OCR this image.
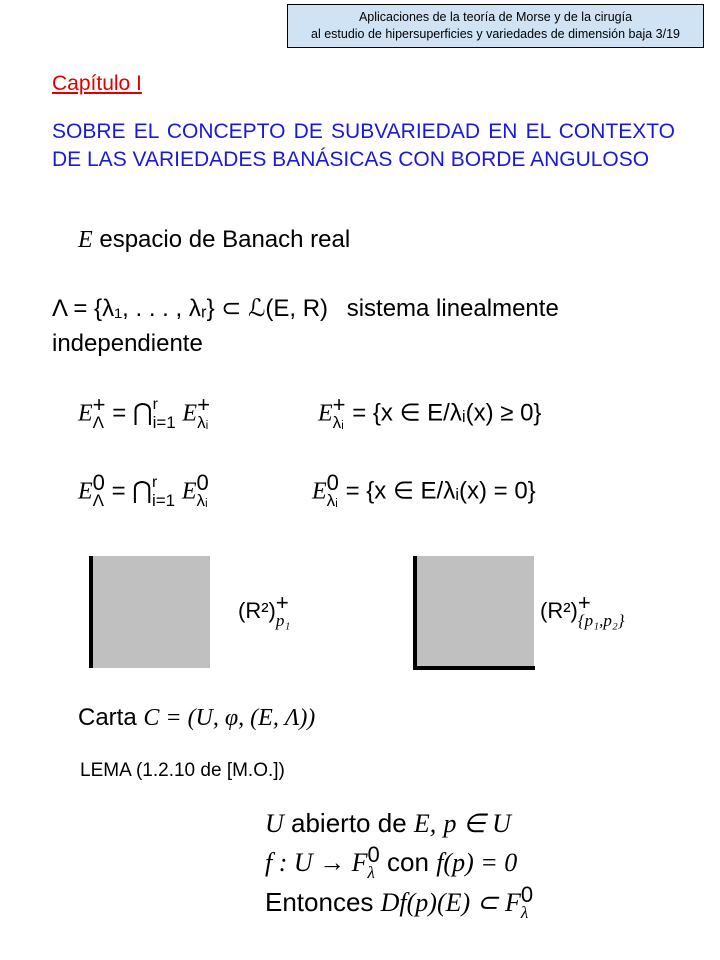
Aplicaciones de la teoría de Morse y de la cirugía
al estudio de hipersuperficies y variedades de dimensión baja 3/19
Capítulo I
SOBRE EL CONCEPTO DE SUBVARIEDAD EN EL CONTEXTO DE LAS VARIEDADES BANÁSICAS CON BORDE ANGULOSO
E espacio de Banach real
Λ = {λ₁, . . . , λᵣ} ⊂ ℒ(E, R) sistema linealmente
independiente
E +
Λ = ⋂ r
i=1 E +
λᵢ	E +
λᵢ = {x ∈ E/λᵢ(x) ≥ 0}
E 0
Λ = ⋂ r
i=1 E 0
λᵢ	E 0
λᵢ = {x ∈ E/λᵢ(x) = 0}
(R²) +
p₁	(R²) +
{p₁,p₂}
Carta C = (U, φ, (E, Λ))
LEMA (1.2.10 de [M.O.])
U abierto de E, p ∈ U
f : U → F 0
λ con f(p) = 0
Entonces Df(p)(E) ⊂ F 0
λ
